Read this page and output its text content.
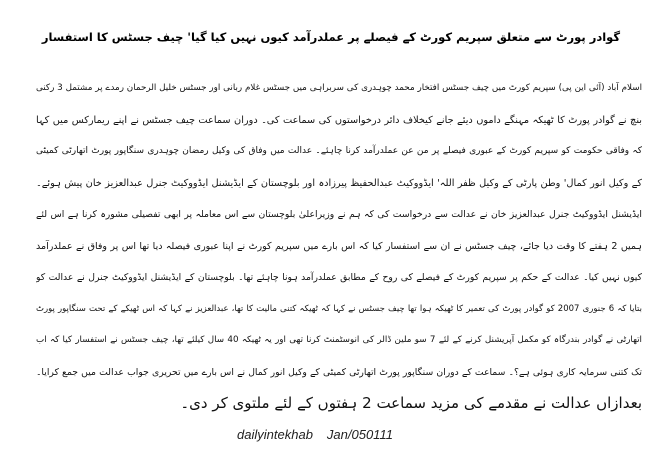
گوادر پورٹ سے متعلق سپریم کورٹ کے فیصلے پر عملدرآمد کیوں نہیں کیا گیا' چیف جسٹس کا استفسار
اسلام آباد (آئی این پی) سپریم کورٹ میں چیف جسٹس افتخار محمد چوہدری کی سربراہی میں جسٹس غلام ربانی اور جسٹس خلیل الرحمان رمدے پر مشتمل 3 رکنی
بنچ نے گوادر پورٹ کا ٹھیکہ مہنگے داموں دیئے جانے کیخلاف دائر درخواستوں کی سماعت کی۔ دوران سماعت چیف جسٹس نے اپنے ریمارکس میں کہا
کہ وفاقی حکومت کو سپریم کورٹ کے عبوری فیصلے پر من عن عملدرآمد کرنا چاہئے۔ عدالت میں وفاق کی وکیل رمضان چوہدری سنگاپور پورٹ اتھارٹی کمیٹی
کے وکیل انور کمال' وطن پارٹی کے وکیل ظفر اللہ' ایڈووکیٹ عبدالحفیظ پیرزادہ اور بلوچستان کے ایڈیشنل ایڈووکیٹ جنرل عبدالعزیز خان پیش ہوئے۔
ایڈیشنل ایڈووکیٹ جنرل عبدالعزیز خان نے عدالت سے درخواست کی کہ ہم نے وزیراعلیٰ بلوچستان سے اس معاملہ پر ابھی تفصیلی مشورہ کرنا ہے اس لئے
ہمیں 2 ہفتے کا وقت دیا جائے، چیف جسٹس نے ان سے استفسار کیا کہ اس بارے میں سپریم کورٹ نے اپنا عبوری فیصلہ دیا تھا اس پر وفاق نے عملدرآمد
کیوں نہیں کیا۔ عدالت کے حکم پر سپریم کورٹ کے فیصلے کی روح کے مطابق عملدرآمد ہونا چاہئے تھا۔ بلوچستان کے ایڈیشنل ایڈووکیٹ جنرل نے عدالت کو
بتایا کہ 6 جنوری 2007 کو گوادر پورٹ کی تعمیر کا ٹھیکہ ہوا تھا چیف جسٹس نے کہا کہ ٹھیکہ کتنی مالیت کا تھا، عبدالعزیز نے کہا کہ اس ٹھیکے کے تحت سنگاپور پورٹ
اتھارٹی نے گوادر بندرگاہ کو مکمل آپریشنل کرنے کے لئے 7 سو ملین ڈالر کی انوسٹمنٹ کرنا تھی اور یہ ٹھیکہ 40 سال کیلئے تھا، چیف جسٹس نے استفسار کیا کہ اب
تک کتنی سرمایہ کاری ہوئی ہے؟۔ سماعت کے دوران سنگاپور پورٹ اتھارٹی کمیٹی کے وکیل انور کمال نے اس بارے میں تحریری جواب عدالت میں جمع کرایا۔
بعدازاں عدالت نے مقدمے کی مزید سماعت 2 ہفتوں کے لئے ملتوی کر دی۔
dailyintekhab Jan/050111
